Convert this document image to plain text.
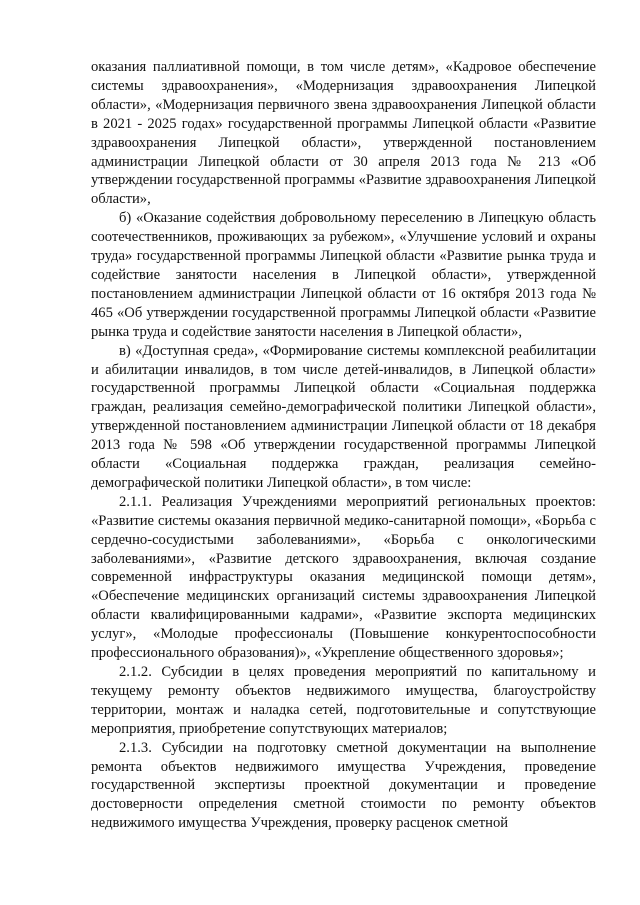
оказания паллиативной помощи, в том числе детям», «Кадровое обеспечение системы здравоохранения», «Модернизация здравоохранения Липецкой области», «Модернизация первичного звена здравоохранения Липецкой области в 2021 - 2025 годах» государственной программы Липецкой области «Развитие здравоохранения Липецкой области», утвержденной постановлением администрации Липецкой области от 30 апреля 2013 года № 213 «Об утверждении государственной программы «Развитие здравоохранения Липецкой области»,

б) «Оказание содействия добровольному переселению в Липецкую область соотечественников, проживающих за рубежом», «Улучшение условий и охраны труда» государственной программы Липецкой области «Развитие рынка труда и содействие занятости населения в Липецкой области», утвержденной постановлением администрации Липецкой области от 16 октября 2013 года № 465 «Об утверждении государственной программы Липецкой области «Развитие рынка труда и содействие занятости населения в Липецкой области»,

в) «Доступная среда», «Формирование системы комплексной реабилитации и абилитации инвалидов, в том числе детей-инвалидов, в Липецкой области» государственной программы Липецкой области «Социальная поддержка граждан, реализация семейно-демографической политики Липецкой области», утвержденной постановлением администрации Липецкой области от 18 декабря 2013 года № 598 «Об утверждении государственной программы Липецкой области «Социальная поддержка граждан, реализация семейно-демографической политики Липецкой области», в том числе:

2.1.1. Реализация Учреждениями мероприятий региональных проектов: «Развитие системы оказания первичной медико-санитарной помощи», «Борьба с сердечно-сосудистыми заболеваниями», «Борьба с онкологическими заболеваниями», «Развитие детского здравоохранения, включая создание современной инфраструктуры оказания медицинской помощи детям», «Обеспечение медицинских организаций системы здравоохранения Липецкой области квалифицированными кадрами», «Развитие экспорта медицинских услуг», «Молодые профессионалы (Повышение конкурентоспособности профессионального образования)», «Укрепление общественного здоровья»;

2.1.2. Субсидии в целях проведения мероприятий по капитальному и текущему ремонту объектов недвижимого имущества, благоустройству территории, монтаж и наладка сетей, подготовительные и сопутствующие мероприятия, приобретение сопутствующих материалов;

2.1.3. Субсидии на подготовку сметной документации на выполнение ремонта объектов недвижимого имущества Учреждения, проведение государственной экспертизы проектной документации и проведение достоверности определения сметной стоимости по ремонту объектов недвижимого имущества Учреждения, проверку расценок сметной
